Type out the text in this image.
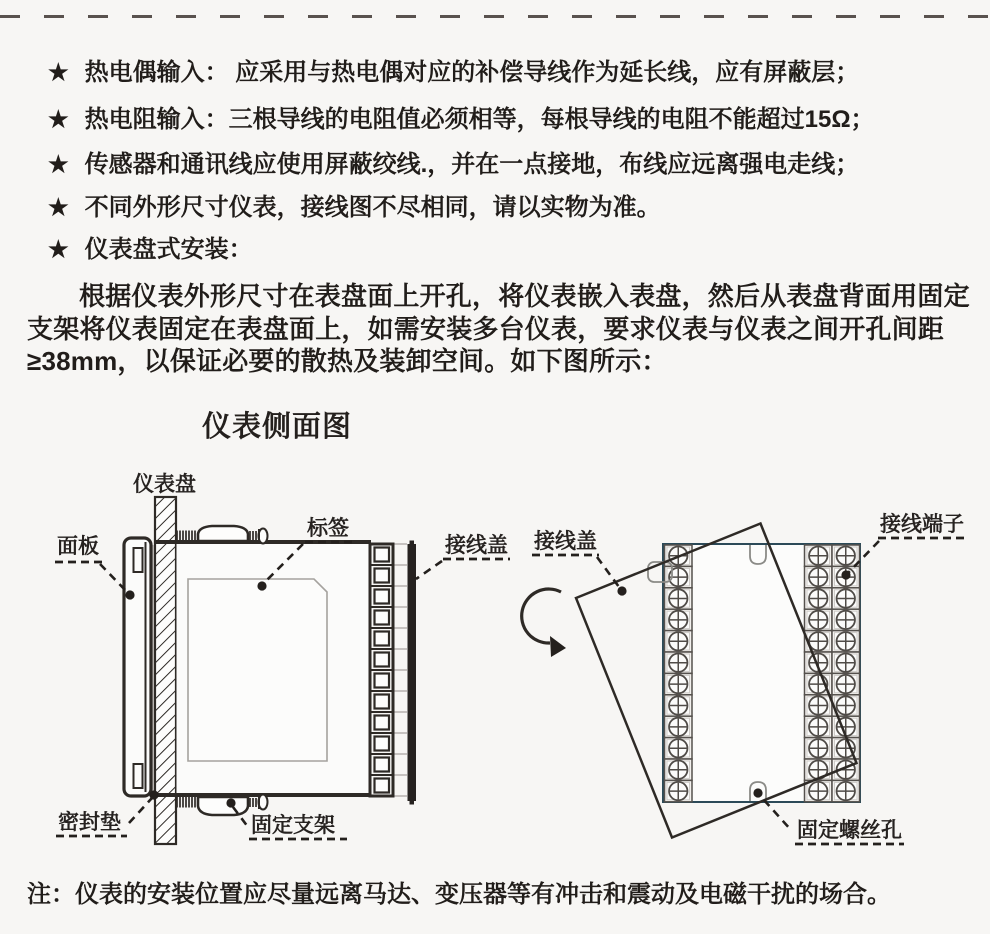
★ 热电偶输入： 应采用与热电偶对应的补偿导线作为延长线，应有屏蔽层；
★ 热电阻输入：三根导线的电阻值必须相等，每根导线的电阻不能超过15Ω；
★ 传感器和通讯线应使用屏蔽绞线.，并在一点接地，布线应远离强电走线；
★ 不同外形尺寸仪表，接线图不尽相同，请以实物为准。
★ 仪表盘式安装：

根据仪表外形尺寸在表盘面上开孔，将仪表嵌入表盘，然后从表盘背面用固定支架将仪表固定在表盘面上，如需安装多台仪表，要求仪表与仪表之间开孔间距≥38mm，以保证必要的散热及装卸空间。如下图所示：

仪表侧面图
仪表盘
面板
标签
接线盖
密封垫	固定支架
接线盖
接线端子
固定螺丝孔

注：仪表的安装位置应尽量远离马达、变压器等有冲击和震动及电磁干扰的场合。
